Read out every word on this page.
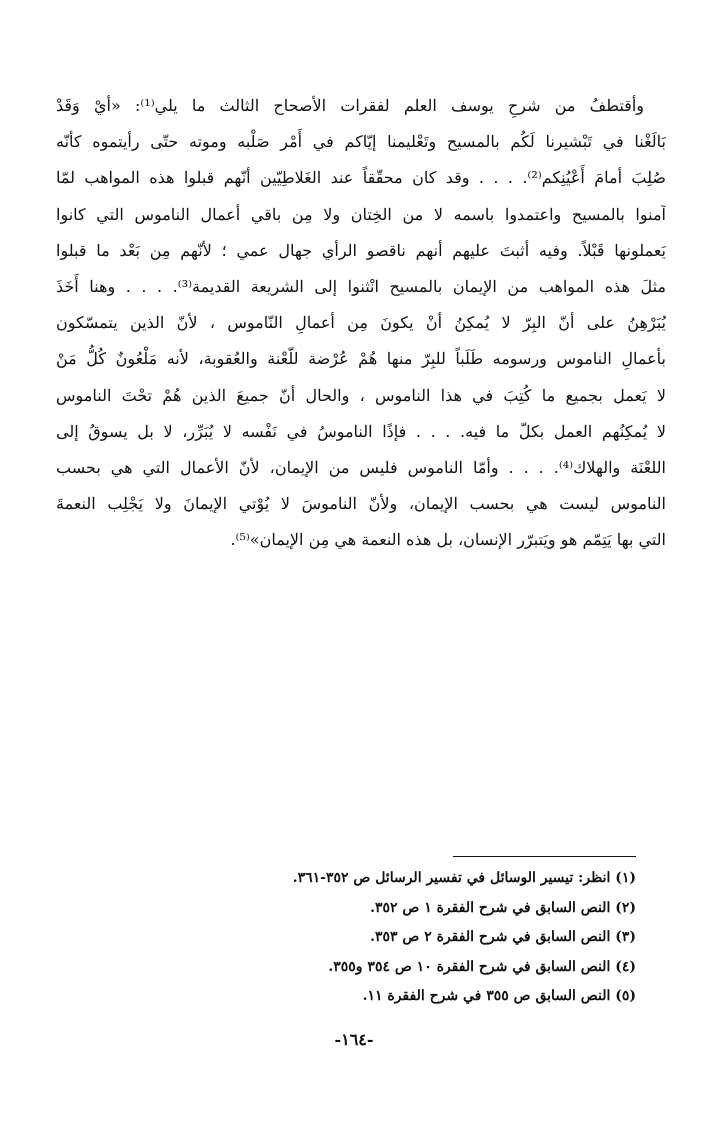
وأقتطفُ من شرحِ يوسف العلم لفقرات الأصحاح الثالث ما يلي⁽¹⁾: «أيْ وَقَدْ
بَالَغْنا في تَبْشيرنا لَكُم بالمسيح وتَعْليمنا إيّاكم في أَمْر صَلْبه وموته حتّى رأيتموه كأنّه
صُلِبَ أمامَ أَعْيُنِكم⁽²⁾. . . . وقد كان محقّقاً عند الغَلاطِيّين أنّهم قبلوا هذه المواهب لمّا
آمنوا بالمسيح واعتمدوا باسمه لا من الخِتان ولا مِن باقي أعمال الناموس التي كانوا
يَعملونها قَبْلاً. وفيه أثبتَ عليهم أنهم ناقصو الرأي جهال عمي ؛ لأنّهم مِن بَعْد ما قبلوا
مثلَ هذه المواهب من الإيمان بالمسيح انْثنوا إلى الشريعة القديمة⁽³⁾. . . . وهنا أَخَذَ
يُبَرْهِنُ على أنّ البِرّ لا يُمكِنُ أنْ يكونَ مِن أعمالِ النّاموس ، لأنّ الذين يتمسّكون
بأعمالِ الناموس ورسومه طَلَباً للبِرّ منها هُمْ عُرْضة للّعْنة والعُقوبة، لأنه مَلْعُونٌ كُلُّ مَنْ
لا يَعمل بجميع ما كُتِبَ في هذا الناموس ، والحال أنّ جميعَ الذين هُمْ تحْتَ الناموس
لا يُمكِنُهم العمل بكلّ ما فيه. . . . فإذًا الناموسُ في نَفْسه لا يُبَرِّر، لا بل يسوقُ إلى
اللعْنَة والهلاك⁽⁴⁾. . . . وأمّا الناموس فليس من الإيمان، لأنّ الأعمال التي هي بحسب
الناموس ليست هي بحسب الإيمان، ولأنّ الناموسَ لا يُوْتي الإيمانَ ولا يَجْلِب النعمةَ
التي بها يَتِمّم هو ويَتبرّر الإنسان، بل هذه النعمة هي مِن الإيمان»⁽⁵⁾.
(١) انظر: تيسير الوسائل في تفسير الرسائل ص ٣٥٢-٣٦١.
(٢) النص السابق في شرح الفقرة ١ ص ٣٥٢.
(٣) النص السابق في شرح الفقرة ٢ ص ٣٥٣.
(٤) النص السابق في شرح الفقرة ١٠ ص ٣٥٤ و٣٥٥.
(٥) النص السابق ص ٣٥٥ في شرح الفقرة ١١.
-١٦٤-
